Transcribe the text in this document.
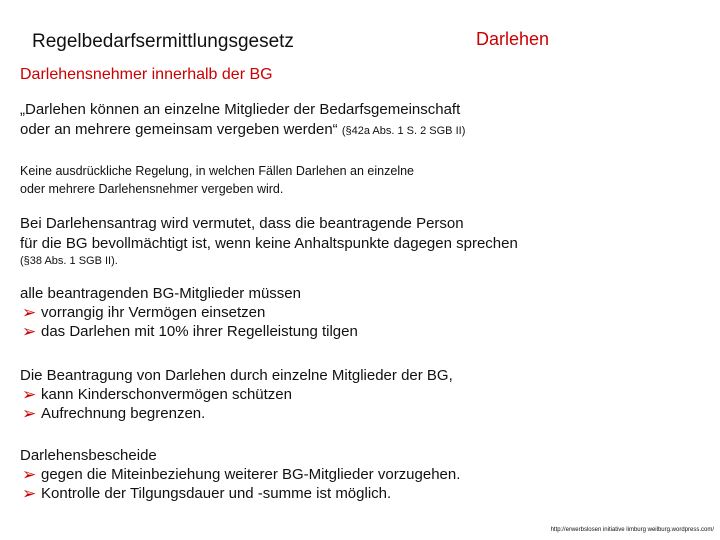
Regelbedarfsermittlungsgesetz	Darlehen
Darlehensnehmer innerhalb der BG
„Darlehen können an einzelne Mitglieder der Bedarfsgemeinschaft
oder an mehrere gemeinsam vergeben werden“ (§42a Abs. 1 S. 2 SGB II)
Keine ausdrückliche Regelung, in welchen Fällen Darlehen an einzelne
oder mehrere Darlehensnehmer vergeben wird.
Bei Darlehensantrag wird vermutet, dass die beantragende Person
für die BG bevollmächtigt ist, wenn keine Anhaltspunkte dagegen sprechen
(§38 Abs. 1 SGB II).
alle beantragenden BG-Mitglieder müssen
➢ vorrangig ihr Vermögen einsetzen
➢ das Darlehen mit 10% ihrer Regelleistung tilgen
Die Beantragung von Darlehen durch einzelne Mitglieder der BG,
➢ kann Kinderschonvermögen schützen
➢ Aufrechnung begrenzen.
Darlehensbescheide
➢ gegen die Miteinbeziehung weiterer BG-Mitglieder vorzugehen.
➢ Kontrolle der Tilgungsdauer und -summe ist möglich.
http://erwerbslosen initiative limburg weilburg.wordpress.com/
